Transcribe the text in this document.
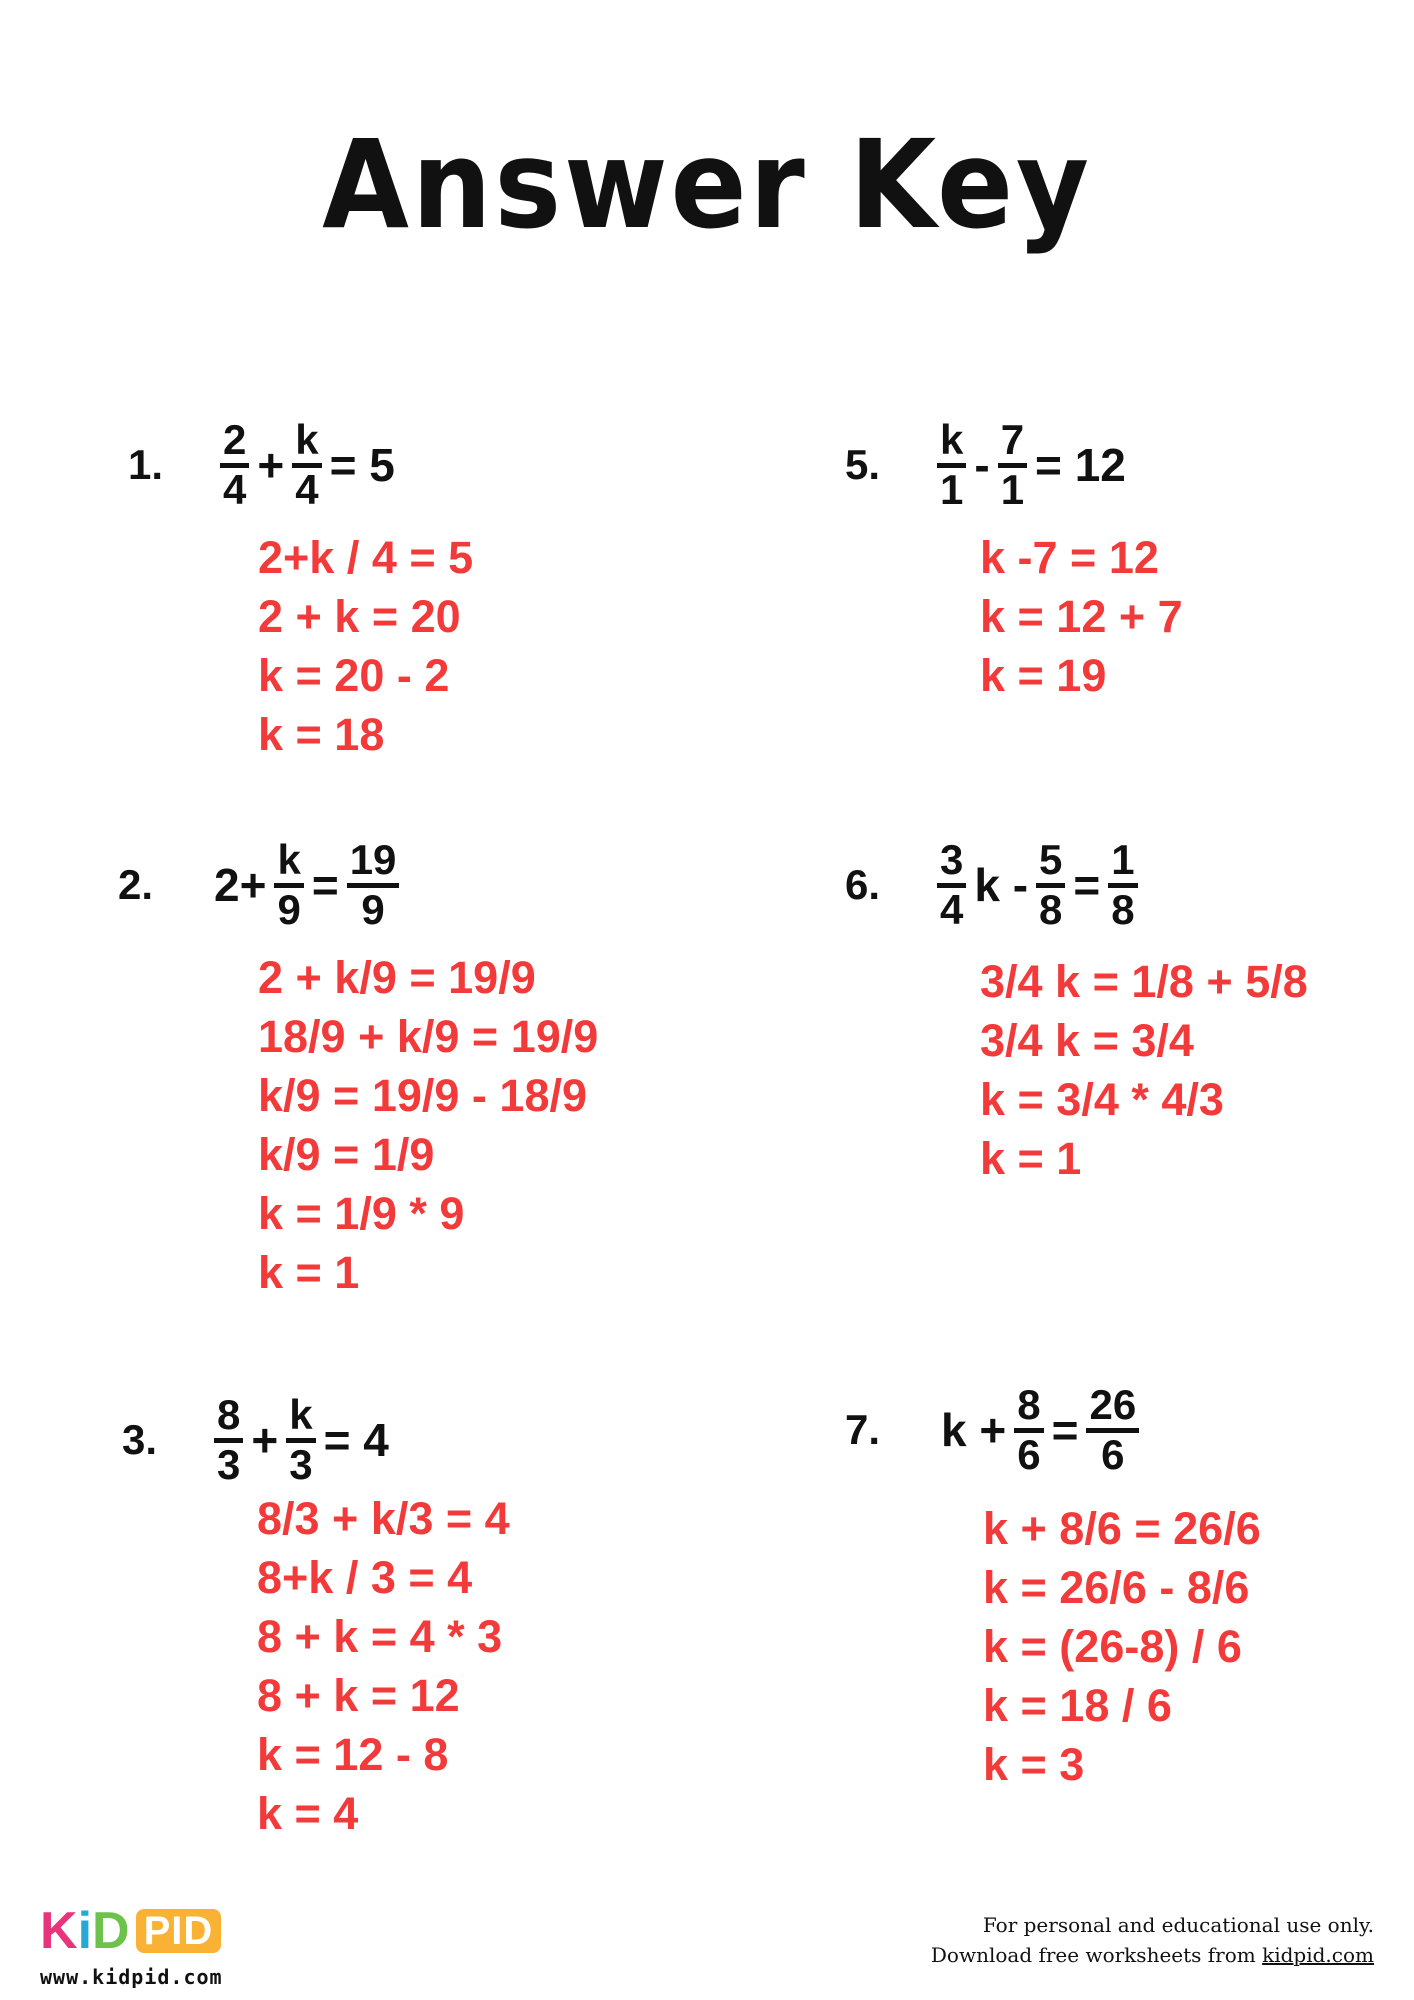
Answer Key
1.	$\frac{2}{4} + \frac{k}{4} = 5$
2+k / 4 = 5
2 + k = 20
k = 20 - 2
k = 18
2.	$2+ \frac{k}{9} = \frac{19}{9}$
2 + k/9 = 19/9
18/9 + k/9 = 19/9
k/9 = 19/9 - 18/9
k/9 = 1/9
k = 1/9 * 9
k = 1
3.	$\frac{8}{3} + \frac{k}{3} = 4$
8/3 + k/3 = 4
8+k / 3 = 4
8 + k = 4 * 3
8 + k = 12
k = 12 - 8
k = 4
5.	$\frac{k}{1} - \frac{7}{1} = 12$
k -7 = 12
k = 12 + 7
k = 19
6.	$\frac{3}{4}$ $k - \frac{5}{8} = \frac{1}{8}$
3/4 k = 1/8 + 5/8
3/4 k = 3/4
k = 3/4 * 4/3
k = 1
7.	$k + \frac{8}{6} = \frac{26}{6}$
k + 8/6 = 26/6
k = 26/6 - 8/6
k = (26-8) / 6
k = 18 / 6
k = 3
K i D PID
www.kidpid.com
For personal and educational use only.
Download free worksheets from kidpid.com
